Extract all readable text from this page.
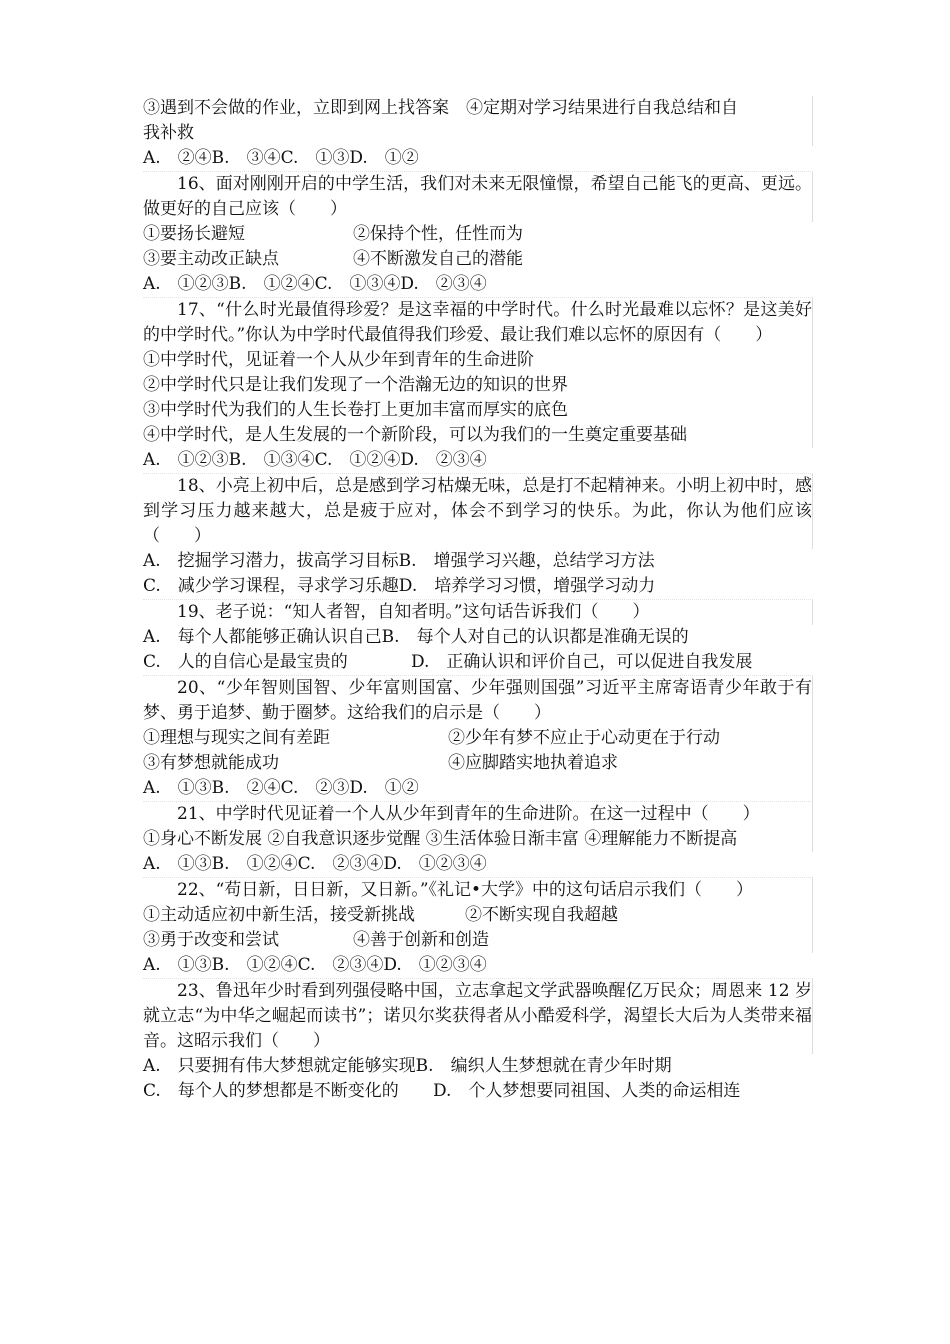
③遇到不会做的作业，立即到网上找答案　④定期对学习结果进行自我总结和自
我补救
A.　②④B.　③④C.　①③D.　①②
16、面对刚刚开启的中学生活，我们对未来无限憧憬，希望自己能飞的更高、更远。做更好的自己应该（　　）
①要扬长避短	②保持个性，任性而为
③要主动改正缺点	④不断激发自己的潜能
A.　①②③B.　①②④C.　①③④D.　②③④
17、“什么时光最值得珍爱？是这幸福的中学时代。什么时光最难以忘怀？是这美好的中学时代。”你认为中学时代最值得我们珍爱、最让我们难以忘怀的原因有（　　）
①中学时代，见证着一个人从少年到青年的生命进阶
②中学时代只是让我们发现了一个浩瀚无边的知识的世界
③中学时代为我们的人生长卷打上更加丰富而厚实的底色
④中学时代，是人生发展的一个新阶段，可以为我们的一生奠定重要基础
A.　①②③B.　①③④C.　①②④D.　②③④
18、小亮上初中后，总是感到学习枯燥无味，总是打不起精神来。小明上初中时，感到学习压力越来越大，总是疲于应对，体会不到学习的快乐。为此，你认为他们应该（　　）
A.　挖掘学习潜力，拔高学习目标B.　增强学习兴趣，总结学习方法
C.　减少学习课程，寻求学习乐趣D.　培养学习习惯，增强学习动力
19、老子说：“知人者智，自知者明。”这句话告诉我们（　　）
A.　每个人都能够正确认识自己B.　每个人对自己的认识都是准确无误的
C.　人的自信心是最宝贵的	D.　正确认识和评价自己，可以促进自我发展
20、“少年智则国智、少年富则国富、少年强则国强”习近平主席寄语青少年敢于有梦、勇于追梦、勤于圈梦。这给我们的启示是（　　）
①理想与现实之间有差距	②少年有梦不应止于心动更在于行动
③有梦想就能成功	④应脚踏实地执着追求
A.　①③B.　②④C.　②③D.　①②
21、中学时代见证着一个人从少年到青年的生命进阶。在这一过程中（　　）
①身心不断发展 ②自我意识逐步觉醒 ③生活体验日渐丰富 ④理解能力不断提高
A.　①③B.　①②④C.　②③④D.　①②③④
22、“苟日新，日日新，又日新。”《礼记•大学》中的这句话启示我们（　　）
①主动适应初中新生活，接受新挑战	②不断实现自我超越
③勇于改变和尝试	④善于创新和创造
A.　①③B.　①②④C.　②③④D.　①②③④
23、鲁迅年少时看到列强侵略中国，立志拿起文学武器唤醒亿万民众；周恩来 12 岁就立志“为中华之崛起而读书”；诺贝尔奖获得者从小酷爱科学，渴望长大后为人类带来福音。这昭示我们（　　）
A.　只要拥有伟大梦想就定能够实现B.　编织人生梦想就在青少年时期
C.　每个人的梦想都是不断变化的 D.　个人梦想要同祖国、人类的命运相连
